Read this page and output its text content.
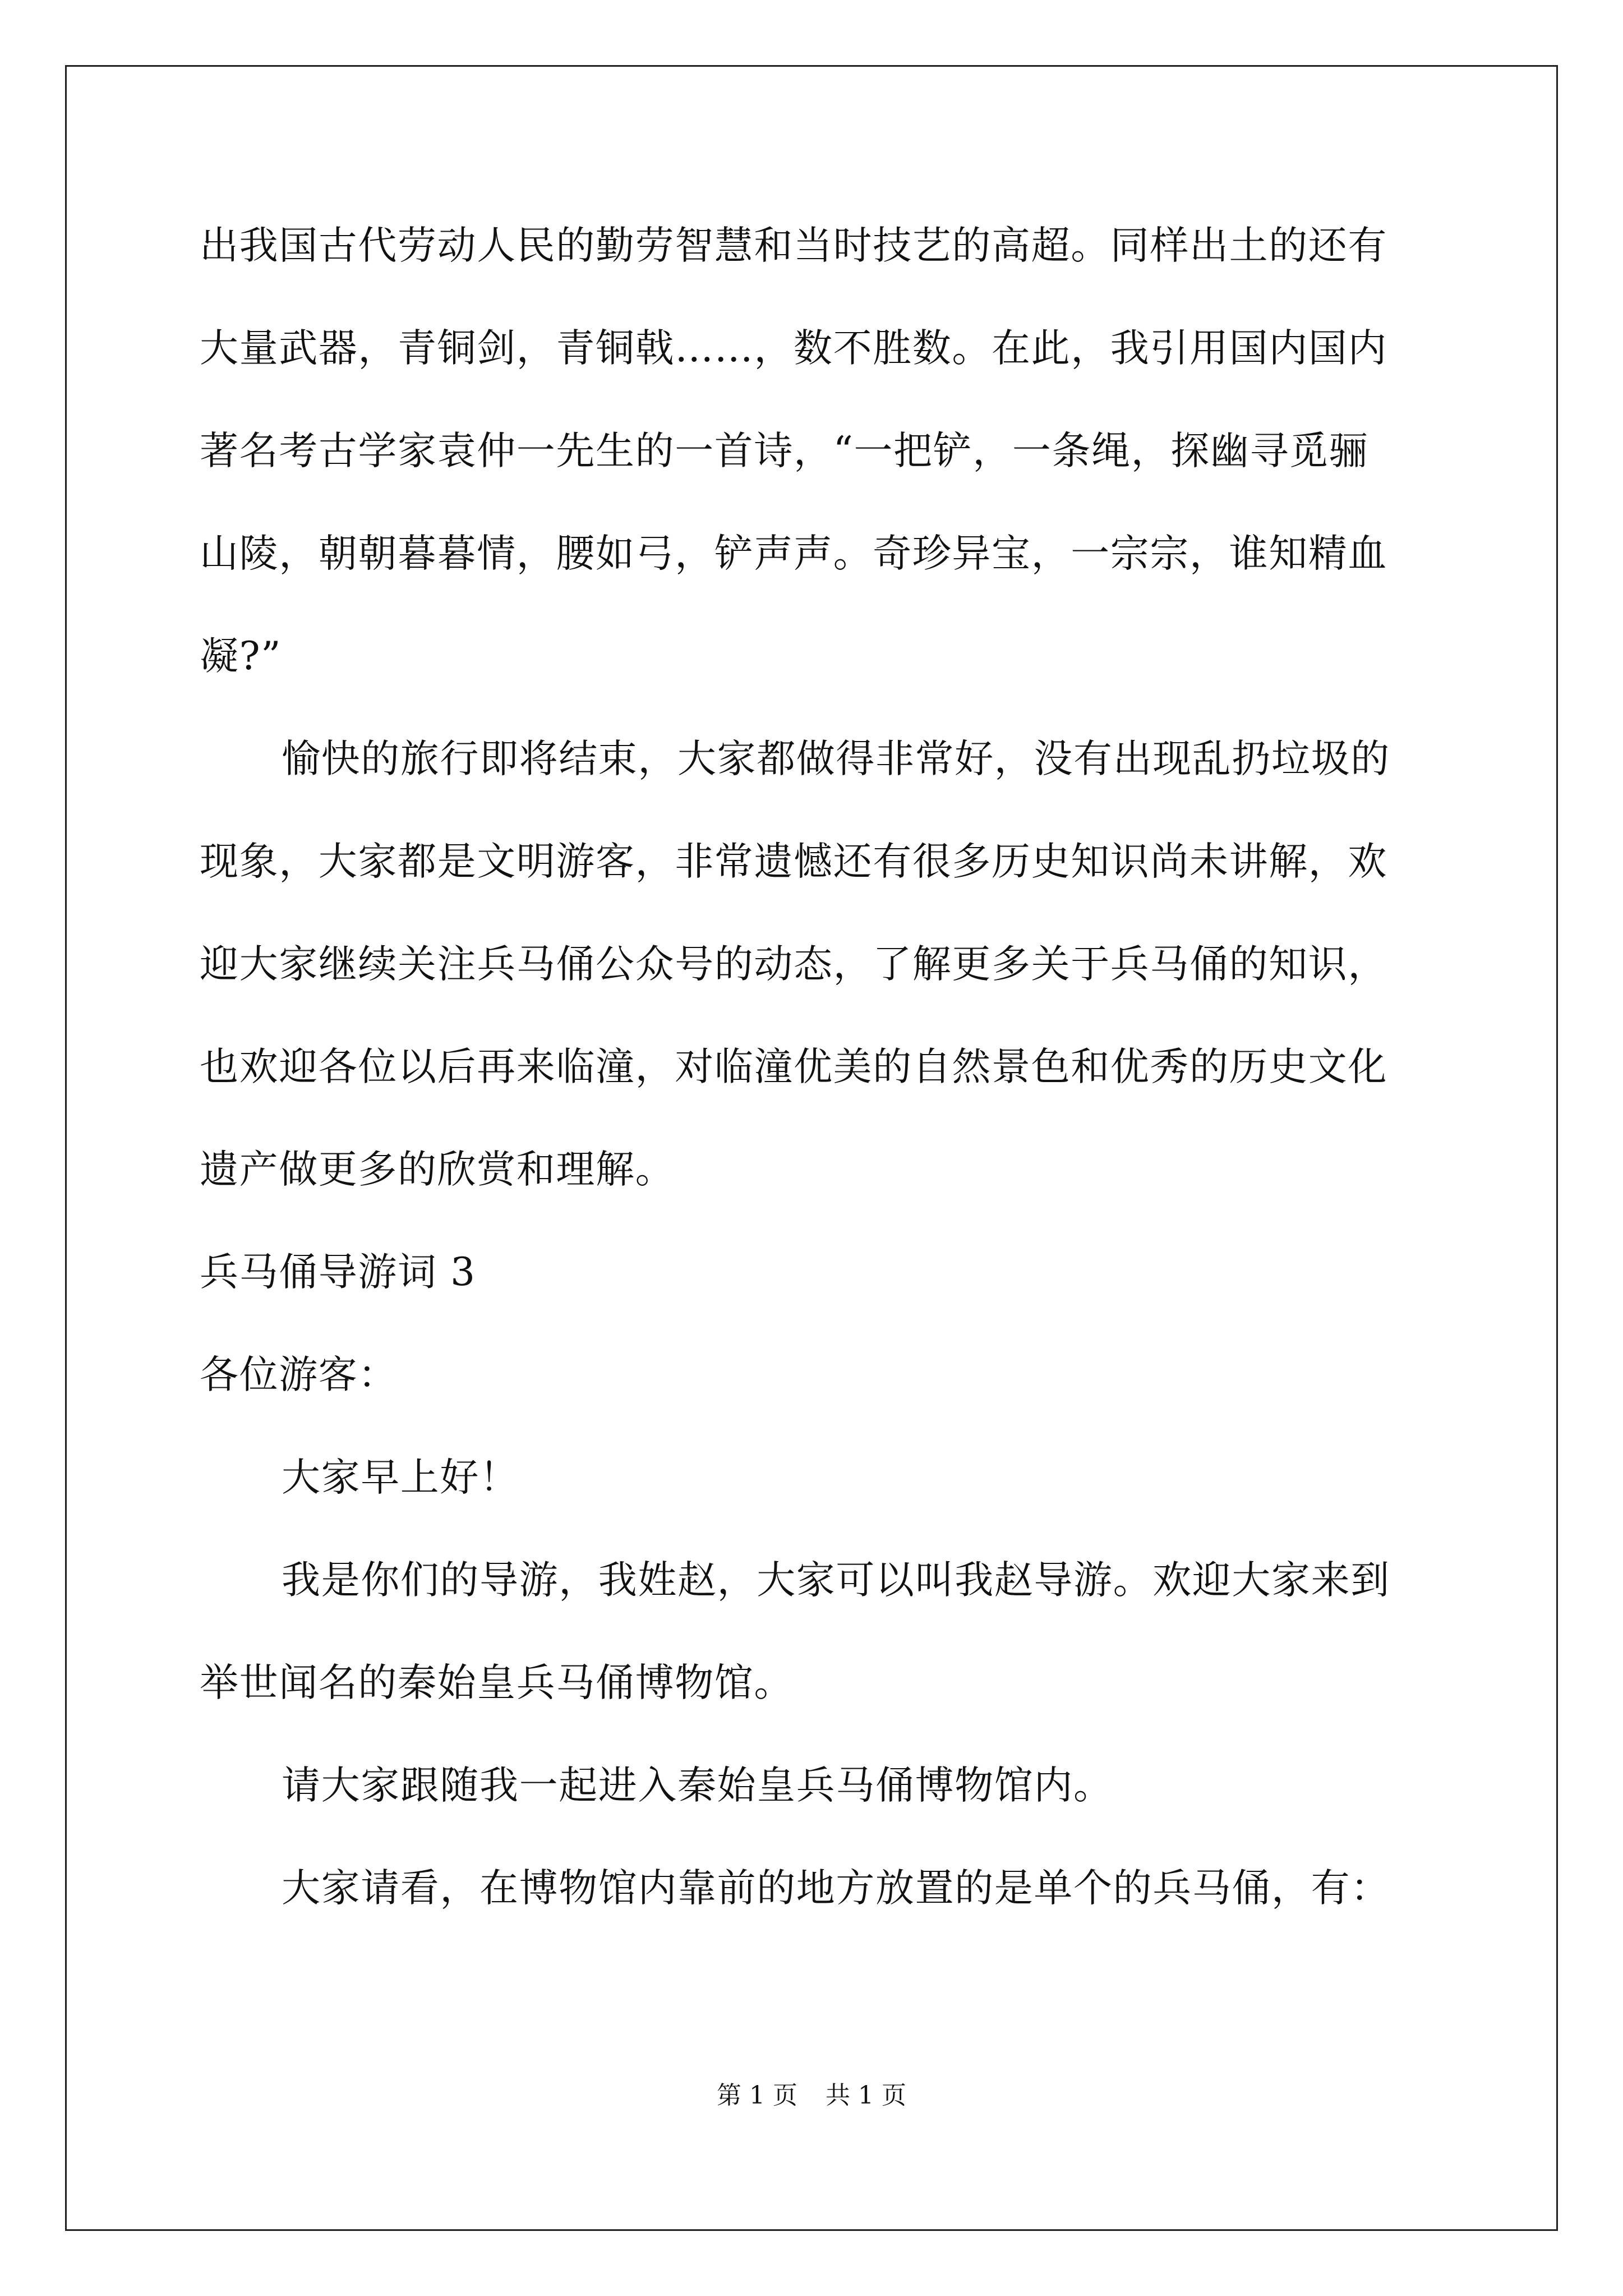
出我国古代劳动人民的勤劳智慧和当时技艺的高超。同样出土的还有
大量武器，青铜剑，青铜戟……，数不胜数。在此，我引用国内国内
著名考古学家袁仲一先生的一首诗，“一把铲，一条绳，探幽寻觅骊
山陵，朝朝暮暮情，腰如弓，铲声声。奇珍异宝，一宗宗，谁知精血
凝?”
愉快的旅行即将结束，大家都做得非常好，没有出现乱扔垃圾的
现象，大家都是文明游客，非常遗憾还有很多历史知识尚未讲解，欢
迎大家继续关注兵马俑公众号的动态，了解更多关于兵马俑的知识，
也欢迎各位以后再来临潼，对临潼优美的自然景色和优秀的历史文化
遗产做更多的欣赏和理解。
兵马俑导游词 3
各位游客：
大家早上好！
我是你们的导游，我姓赵，大家可以叫我赵导游。欢迎大家来到
举世闻名的秦始皇兵马俑博物馆。
请大家跟随我一起进入秦始皇兵马俑博物馆内。
大家请看，在博物馆内靠前的地方放置的是单个的兵马俑，有：
第 1 页 共 1 页
